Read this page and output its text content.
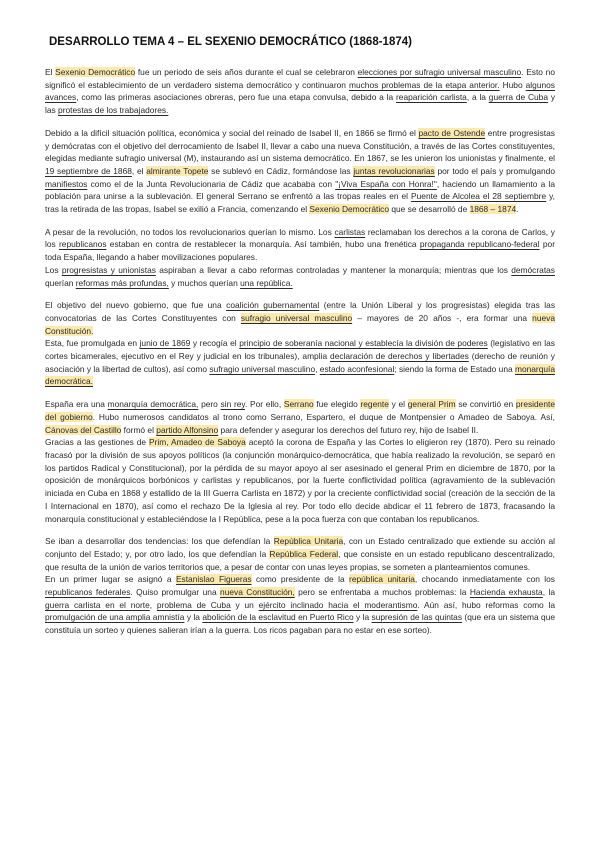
DESARROLLO TEMA 4 – EL SEXENIO DEMOCRÁTICO (1868-1874)

El Sexenio Democrático fue un periodo de seis años durante el cual se celebraron elecciones por sufragio universal masculino. Esto no significó el establecimiento de un verdadero sistema democrático y continuaron muchos problemas de la etapa anterior. Hubo algunos avances, como las primeras asociaciones obreras, pero fue una etapa convulsa, debido a la reaparición carlista, a la guerra de Cuba y las protestas de los trabajadores.

Debido a la difícil situación política, económica y social del reinado de Isabel II, en 1866 se firmó el pacto de Ostende entre progresistas y demócratas con el objetivo del derrocamiento de Isabel II, llevar a cabo una nueva Constitución, a través de las Cortes constituyentes, elegidas mediante sufragio universal (M), instaurando así un sistema democrático. En 1867, se les unieron los unionistas y finalmente, el 19 septiembre de 1868, el almirante Topete se sublevó en Cádiz, formándose las juntas revolucionarias por todo el país y promulgando manifiestos como el de la Junta Revolucionaria de Cádiz que acababa con "¡Viva España con Honra!", haciendo un llamamiento a la población para unirse a la sublevación. El general Serrano se enfrentó a las tropas reales en el Puente de Alcolea el 28 septiembre y, tras la retirada de las tropas, Isabel se exilió a Francia, comenzando el Sexenio Democrático que se desarrolló de 1868 – 1874.

A pesar de la revolución, no todos los revolucionarios querían lo mismo. Los carlistas reclamaban los derechos a la corona de Carlos, y los republicanos estaban en contra de restablecer la monarquía. Así también, hubo una frenética propaganda republicano-federal por toda España, llegando a haber movilizaciones populares.

Los progresistas y unionistas aspiraban a llevar a cabo reformas controladas y mantener la monarquía; mientras que los demócratas querían reformas más profundas, y muchos querían una república.

El objetivo del nuevo gobierno, que fue una coalición gubernamental (entre la Unión Liberal y los progresistas) elegida tras las convocatorias de las Cortes Constituyentes con sufragio universal masculino – mayores de 20 años -, era formar una nueva Constitución.

Esta, fue promulgada en junio de 1869 y recogía el principio de soberanía nacional y establecía la división de poderes (legislativo en las cortes bicamerales, ejecutivo en el Rey y judicial en los tribunales), amplia declaración de derechos y libertades (derecho de reunión y asociación y la libertad de cultos), así como sufragio universal masculino, estado aconfesional; siendo la forma de Estado una monarquía democrática.

España era una monarquía democrática, pero sin rey. Por ello, Serrano fue elegido regente y el general Prim se convirtió en presidente del gobierno. Hubo numerosos candidatos al trono como Serrano, Espartero, el duque de Montpensier o Amadeo de Saboya. Así, Cánovas del Castillo formó el partido Alfonsino para defender y asegurar los derechos del futuro rey, hijo de Isabel II.

Gracias a las gestiones de Prim, Amadeo de Saboya aceptó la corona de España y las Cortes lo eligieron rey (1870). Pero su reinado fracasó por la división de sus apoyos políticos (la conjunción monárquico-democrática, que había realizado la revolución, se separó en los partidos Radical y Constitucional), por la pérdida de su mayor apoyo al ser asesinado el general Prim en diciembre de 1870, por la oposición de monárquicos borbónicos y carlistas y republicanos, por la fuerte conflictividad política (agravamiento de la sublevación iniciada en Cuba en 1868 y estallido de la III Guerra Carlista en 1872) y por la creciente conflictividad social (creación de la sección de la I Internacional en 1870), así como el rechazo De la Iglesia al rey. Por todo ello decide abdicar el 11 febrero de 1873, fracasando la monarquía constitucional y estableciéndose la I República, pese a la poca fuerza con que contaban los republicanos.

Se iban a desarrollar dos tendencias: los que defendían la República Unitaria, con un Estado centralizado que extiende su acción al conjunto del Estado; y, por otro lado, los que defendían la República Federal, que consiste en un estado republicano descentralizado, que resulta de la unión de varios territorios que, a pesar de contar con unas leyes propias, se someten a planteamientos comunes.

En un primer lugar se asignó a Estanislao Figueras como presidente de la república unitaria, chocando inmediatamente con los republicanos federales. Quiso promulgar una nueva Constitución, pero se enfrentaba a muchos problemas: la Hacienda exhausta, la guerra carlista en el norte, problema de Cuba y un ejército inclinado hacia el moderantismo. Aún así, hubo reformas como la promulgación de una amplia amnistía y la abolición de la esclavitud en Puerto Rico y la supresión de las quintas (que era un sistema que constituía un sorteo y quienes salieran irían a la guerra. Los ricos pagaban para no estar en ese sorteo).
